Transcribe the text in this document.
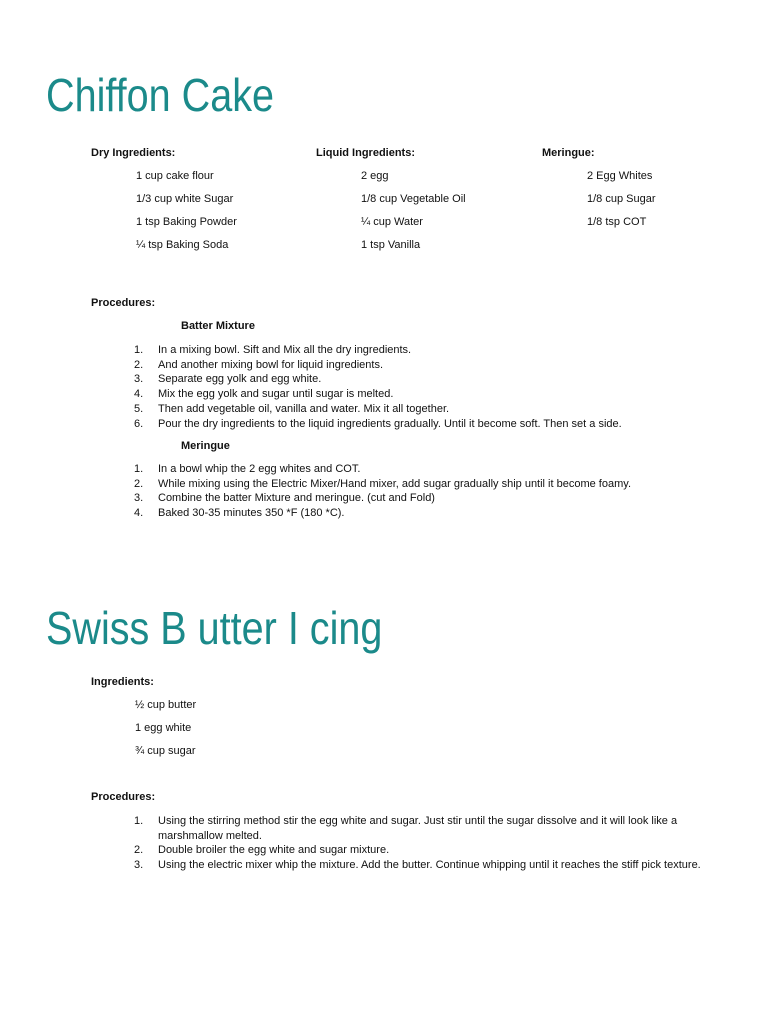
Chiffon Cake
Dry Ingredients:
1 cup cake flour
1/3 cup white Sugar
1 tsp Baking Powder
¼ tsp Baking Soda
Liquid Ingredients:
2 egg
1/8 cup Vegetable Oil
¼ cup Water
1 tsp Vanilla
Meringue:
2 Egg Whites
1/8 cup Sugar
1/8 tsp COT
Procedures:
Batter Mixture
1. In a mixing bowl. Sift and Mix all the dry ingredients.
2. And another mixing bowl for liquid ingredients.
3. Separate egg yolk and egg white.
4. Mix the egg yolk and sugar until sugar is melted.
5. Then add vegetable oil, vanilla and water. Mix it all together.
6. Pour the dry ingredients to the liquid ingredients gradually. Until it become soft. Then set a side.
Meringue
1. In a bowl whip the 2 egg whites and COT.
2. While mixing using the Electric Mixer/Hand mixer, add sugar gradually ship until it become foamy.
3. Combine the batter Mixture and meringue. (cut and Fold)
4. Baked 30-35 minutes 350 *F (180 *C).
Swiss B utter I cing
Ingredients:
½ cup butter
1 egg white
¾ cup sugar
Procedures:
1. Using the stirring method stir the egg white and sugar. Just stir until the sugar dissolve and it will look like a marshmallow melted.
2. Double broiler the egg white and sugar mixture.
3. Using the electric mixer whip the mixture. Add the butter. Continue whipping until it reaches the stiff pick texture.
